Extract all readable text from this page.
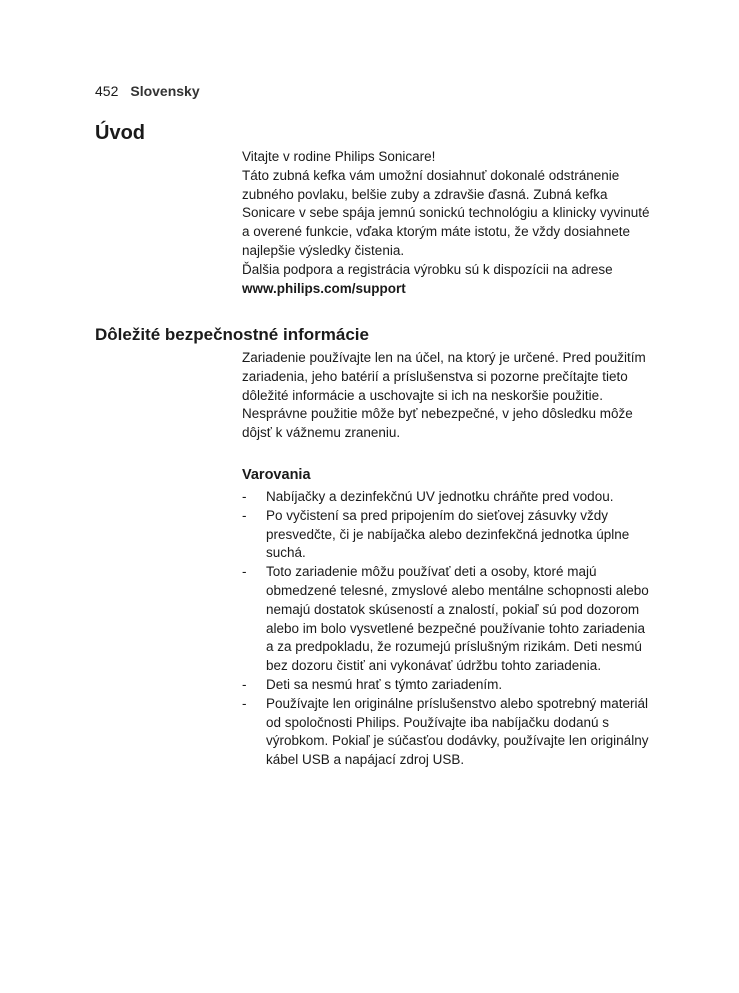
452 Slovensky
Úvod

Vitajte v rodine Philips Sonicare!

Táto zubná kefka vám umožní dosiahnuť dokonalé odstránenie zubného povlaku, belšie zuby a zdravšie ďasná. Zubná kefka Sonicare v sebe spája jemnú sonickú technológiu a klinicky vyvinuté a overené funkcie, vďaka ktorým máte istotu, že vždy dosiahnete najlepšie výsledky čistenia.

Ďalšia podpora a registrácia výrobku sú k dispozícii na adrese www.philips.com/support

Dôležité bezpečnostné informácie

Zariadenie používajte len na účel, na ktorý je určené. Pred použitím zariadenia, jeho batérií a príslušenstva si pozorne prečítajte tieto dôležité informácie a uschovajte si ich na neskoršie použitie. Nesprávne použitie môže byť nebezpečné, v jeho dôsledku môže dôjsť k vážnemu zraneniu.

Varovania
- Nabíjačky a dezinfekčnú UV jednotku chráňte pred vodou.
- Po vyčistení sa pred pripojením do sieťovej zásuvky vždy presvedčte, či je nabíjačka alebo dezinfekčná jednotka úplne suchá.
- Toto zariadenie môžu používať deti a osoby, ktoré majú obmedzené telesné, zmyslové alebo mentálne schopnosti alebo nemajú dostatok skúseností a znalostí, pokiaľ sú pod dozorom alebo im bolo vysvetlené bezpečné používanie tohto zariadenia a za predpokladu, že rozumejú príslušným rizikám. Deti nesmú bez dozoru čistiť ani vykonávať údržbu tohto zariadenia.
- Deti sa nesmú hrať s týmto zariadením.
- Používajte len originálne príslušenstvo alebo spotrebný materiál od spoločnosti Philips. Používajte iba nabíjačku dodanú s výrobkom. Pokiaľ je súčasťou dodávky, používajte len originálny kábel USB a napájací zdroj USB.
